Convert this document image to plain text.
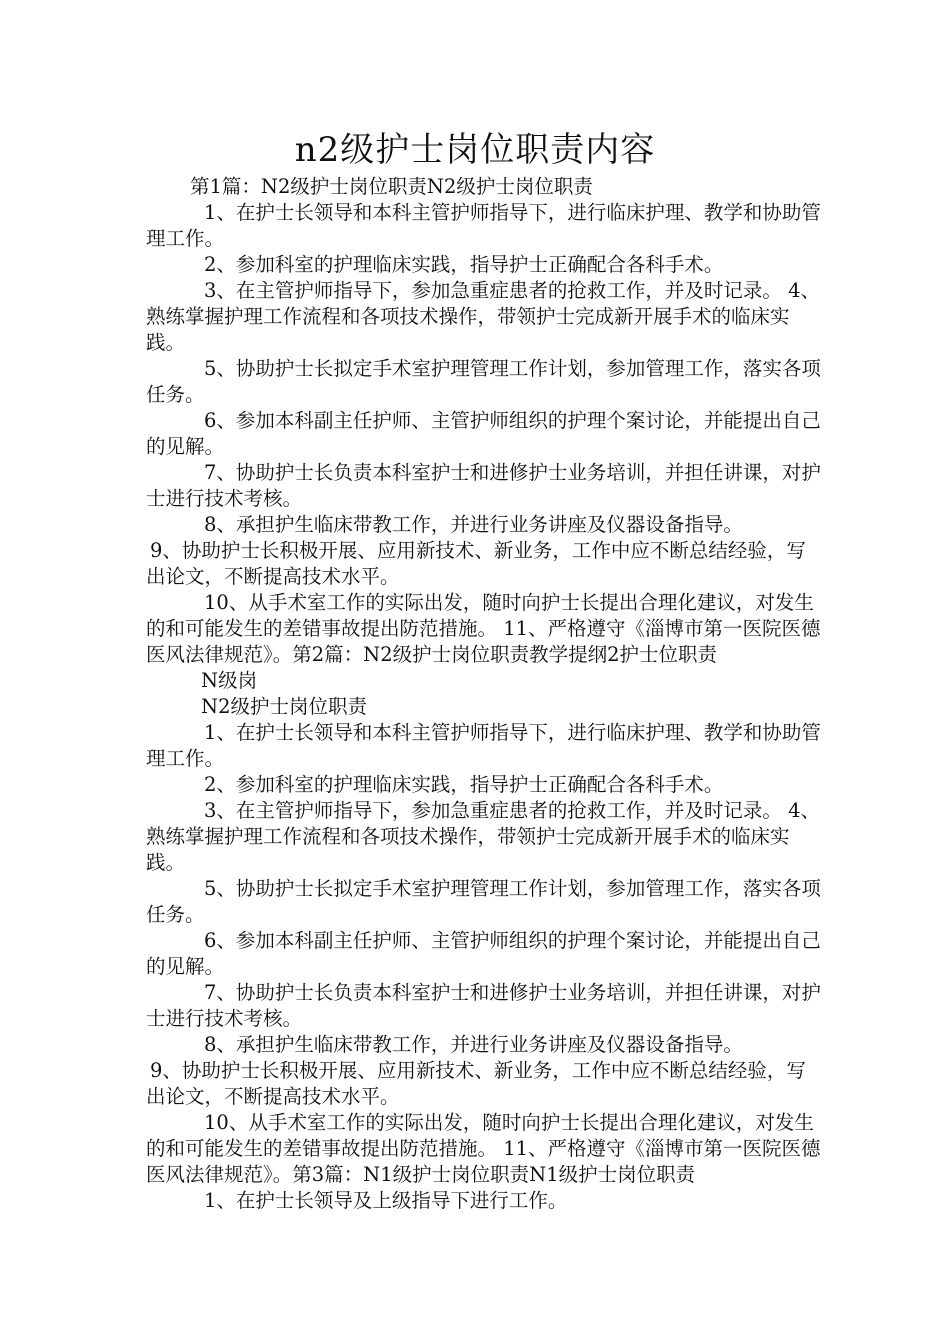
n2级护士岗位职责内容

第1篇：N2级护士岗位职责N2级护士岗位职责

1、在护士长领导和本科主管护师指导下，进行临床护理、教学和协助管理工作。

2、参加科室的护理临床实践，指导护士正确配合各科手术。

3、在主管护师指导下，参加急重症患者的抢救工作，并及时记录。 4、熟练掌握护理工作流程和各项技术操作，带领护士完成新开展手术的临床实践。

5、协助护士长拟定手术室护理管理工作计划，参加管理工作，落实各项任务。

6、参加本科副主任护师、主管护师组织的护理个案讨论，并能提出自己的见解。

7、协助护士长负责本科室护士和进修护士业务培训，并担任讲课，对护士进行技术考核。

8、承担护生临床带教工作，并进行业务讲座及仪器设备指导。

9、协助护士长积极开展、应用新技术、新业务，工作中应不断总结经验，写出论文，不断提高技术水平。

10、从手术室工作的实际出发，随时向护士长提出合理化建议，对发生的和可能发生的差错事故提出防范措施。 11、严格遵守《淄博市第一医院医德医风法律规范》。第2篇：N2级护士岗位职责教学提纲2护士位职责

N级岗

N2级护士岗位职责

1、在护士长领导和本科主管护师指导下，进行临床护理、教学和协助管理工作。

2、参加科室的护理临床实践，指导护士正确配合各科手术。

3、在主管护师指导下，参加急重症患者的抢救工作，并及时记录。 4、熟练掌握护理工作流程和各项技术操作，带领护士完成新开展手术的临床实践。

5、协助护士长拟定手术室护理管理工作计划，参加管理工作，落实各项任务。

6、参加本科副主任护师、主管护师组织的护理个案讨论，并能提出自己的见解。

7、协助护士长负责本科室护士和进修护士业务培训，并担任讲课，对护士进行技术考核。

8、承担护生临床带教工作，并进行业务讲座及仪器设备指导。

9、协助护士长积极开展、应用新技术、新业务，工作中应不断总结经验，写出论文，不断提高技术水平。

10、从手术室工作的实际出发，随时向护士长提出合理化建议，对发生的和可能发生的差错事故提出防范措施。 11、严格遵守《淄博市第一医院医德医风法律规范》。第3篇：N1级护士岗位职责N1级护士岗位职责

1、在护士长领导及上级指导下进行工作。
